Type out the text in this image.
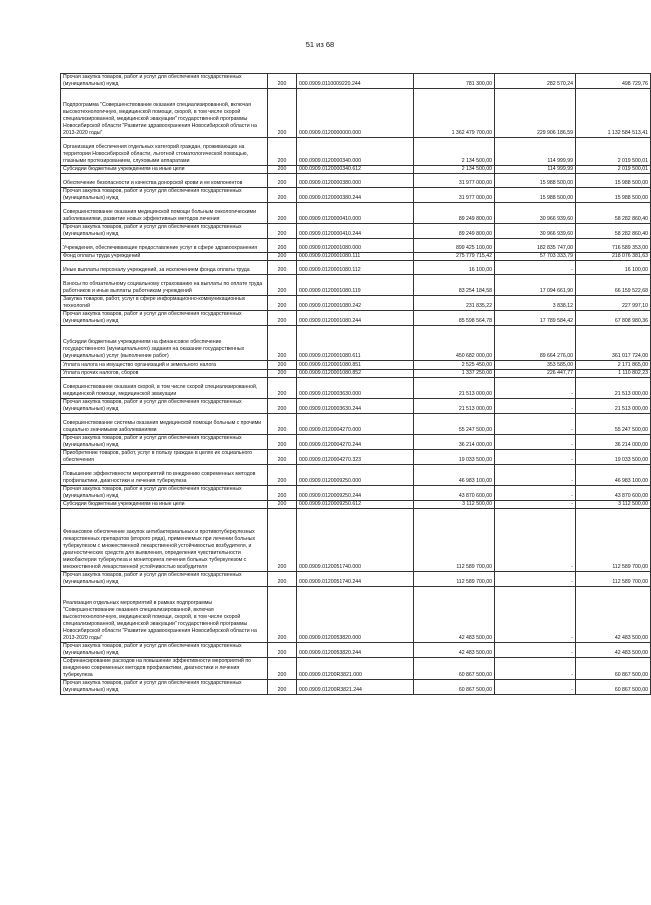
51 из 68
Прочая закупка товаров, работ и услуг для обеспечения государственных (муниципальных) нужд	200	000.0909.0110009220.244	781 300,00	282 570,24	498 729,76
Подпрограмма "Совершенствование оказания специализированной, включая высокотехнологичную, медицинской помощи, скорой, в том числе скорой специализированной, медицинской эвакуации" государственной программы Новосибирской области "Развитие здравоохранения Новосибирской области на 2013-2020 годы"	200	000.0909.0120000000.000	1 362 479 700,00	229 906 186,59	1 132 584 513,41
Организация обеспечения отдельных категорий граждан, проживающих на территории Новосибирской области, льготной стоматологической помощью, глазными протезированием, слуховыми аппаратами	200	000.0909.0120000340.000	2 134 500,00	114 999,99	2 019 500,01
Субсидии бюджетным учреждениям на иные цели	200	000.0909.0120000340.612	2 134 500,00	114 999,99	2 019 500,01
Обеспечение безопасности и качества донорской крови и ее компонентов	200	000.0909.0120000380.000	31 977 000,00	15 988 500,00	15 988 500,00
Прочая закупка товаров, работ и услуг для обеспечения государственных (муниципальных) нужд	200	000.0909.0120000380.244	31 977 000,00	15 988 500,00	15 988 500,00
Совершенствование оказания медицинской помощи больным онкологическими заболеваниями, развитие новых эффективных методов лечения	200	000.0909.0120000410.000	89 249 800,00	30 966 939,60	58 282 860,40
Прочая закупка товаров, работ и услуг для обеспечения государственных (муниципальных) нужд	200	000.0909.0120000410.244	89 249 800,00	30 966 939,60	58 282 860,40
Учреждения, обеспечивающие предоставление услуг в сфере здравоохранения	200	000.0909.0120001080.000	899 425 100,00	182 835 747,00	716 589 353,00
Фонд оплаты труда учреждений	200	000.0909.0120001080.111	275 779 715,42	57 703 333,79	218 076 381,63
Иные выплаты персоналу учреждений, за исключением фонда оплаты труда	200	000.0909.0120001080.112	16 100,00	-	16 100,00
Взносы по обязательному социальному страхованию на выплаты по оплате труда работников и иные выплаты работникам учреждений	200	000.0909.0120001080.119	83 254 184,58	17 094 661,90	66 159 522,68
Закупка товаров, работ, услуг в сфере информационно-коммуникационных технологий	200	000.0909.0120001080.242	231 835,22	3 838,12	227 997,10
Прочая закупка товаров, работ и услуг для обеспечения государственных (муниципальных) нужд	200	000.0909.0120001080.244	85 598 564,78	17 789 584,42	67 808 980,36
Субсидии бюджетным учреждениям на финансовое обеспечение государственного (муниципального) задания на оказание государственных (муниципальных) услуг (выполнение работ)	200	000.0909.0120001080.611	450 682 000,00	89 664 276,00	361 017 724,00
Уплата налога на имущество организаций и земельного налога	200	000.0909.0120001080.851	2 525 450,00	353 585,00	2 171 865,00
Уплата прочих налогов, сборов	200	000.0909.0120001080.852	1 337 250,00	226 447,77	1 110 802,23
Совершенствование оказания скорой, в том числе скорой специализированной, медицинской помощи, медицинской эвакуации	200	000.0909.0120003630.000	21 513 000,00	-	21 513 000,00
Прочая закупка товаров, работ и услуг для обеспечения государственных (муниципальных) нужд	200	000.0909.0120003630.244	21 513 000,00	-	21 513 000,00
Совершенствование системы оказания медицинской помощи больным с прочими социально значимыми заболеваниями	200	000.0909.0120004270.000	55 247 500,00	-	55 247 500,00
Прочая закупка товаров, работ и услуг для обеспечения государственных (муниципальных) нужд	200	000.0909.0120004270.244	36 214 000,00	-	36 214 000,00
Приобретение товаров, работ, услуг в пользу граждан в целях их социального обеспечения	200	000.0909.0120004270.323	19 033 500,00	-	19 033 500,00
Повышение эффективности мероприятий по внедрению современных методов профилактики, диагностики и лечения туберкулеза	200	000.0909.0120009250.000	46 983 100,00	-	46 983 100,00
Прочая закупка товаров, работ и услуг для обеспечения государственных (муниципальных) нужд	200	000.0909.0120009250.244	43 870 600,00	-	43 870 600,00
Субсидии бюджетным учреждениям на иные цели	200	000.0909.0120009250.612	3 112 500,00	-	3 112 500,00
Финансовое обеспечение закупок антибактериальных и противотуберкулезных лекарственных препаратов (второго ряда), применяемых при лечении больных туберкулезом с множественной лекарственной устойчивостью возбудителя, и диагностических средств для выявления, определения чувствительности микобактерии туберкулеза и мониторинга лечения больных туберкулезом с множественной лекарственной устойчивостью возбудителя	200	000.0909.0120051740.000	112 589 700,00	-	112 589 700,00
Прочая закупка товаров, работ и услуг для обеспечения государственных (муниципальных) нужд	200	000.0909.0120051740.244	112 589 700,00	-	112 589 700,00
Реализация отдельных мероприятий в рамках подпрограммы "Совершенствование оказания специализированной, включая высокотехнологичную, медицинской помощи, скорой, в том числе скорой специализированной, медицинской эвакуации" государственной программы Новосибирской области "Развитие здравоохранения Новосибирской области на 2013-2020 годы"	200	000.0909.0120053820.000	42 483 500,00	-	42 483 500,00
Прочая закупка товаров, работ и услуг для обеспечения государственных (муниципальных) нужд	200	000.0909.0120053820.244	42 483 500,00	-	42 483 500,00
Софинансирование расходов на повышение эффективности мероприятий по внедрению современных методов профилактики, диагностики и лечения туберкулеза	200	000.0909.01200R3821.000	60 867 500,00	-	60 867 500,00
Прочая закупка товаров, работ и услуг для обеспечения государственных (муниципальных) нужд	200	000.0909.01200R3821.244	60 867 500,00	-	60 867 500,00
